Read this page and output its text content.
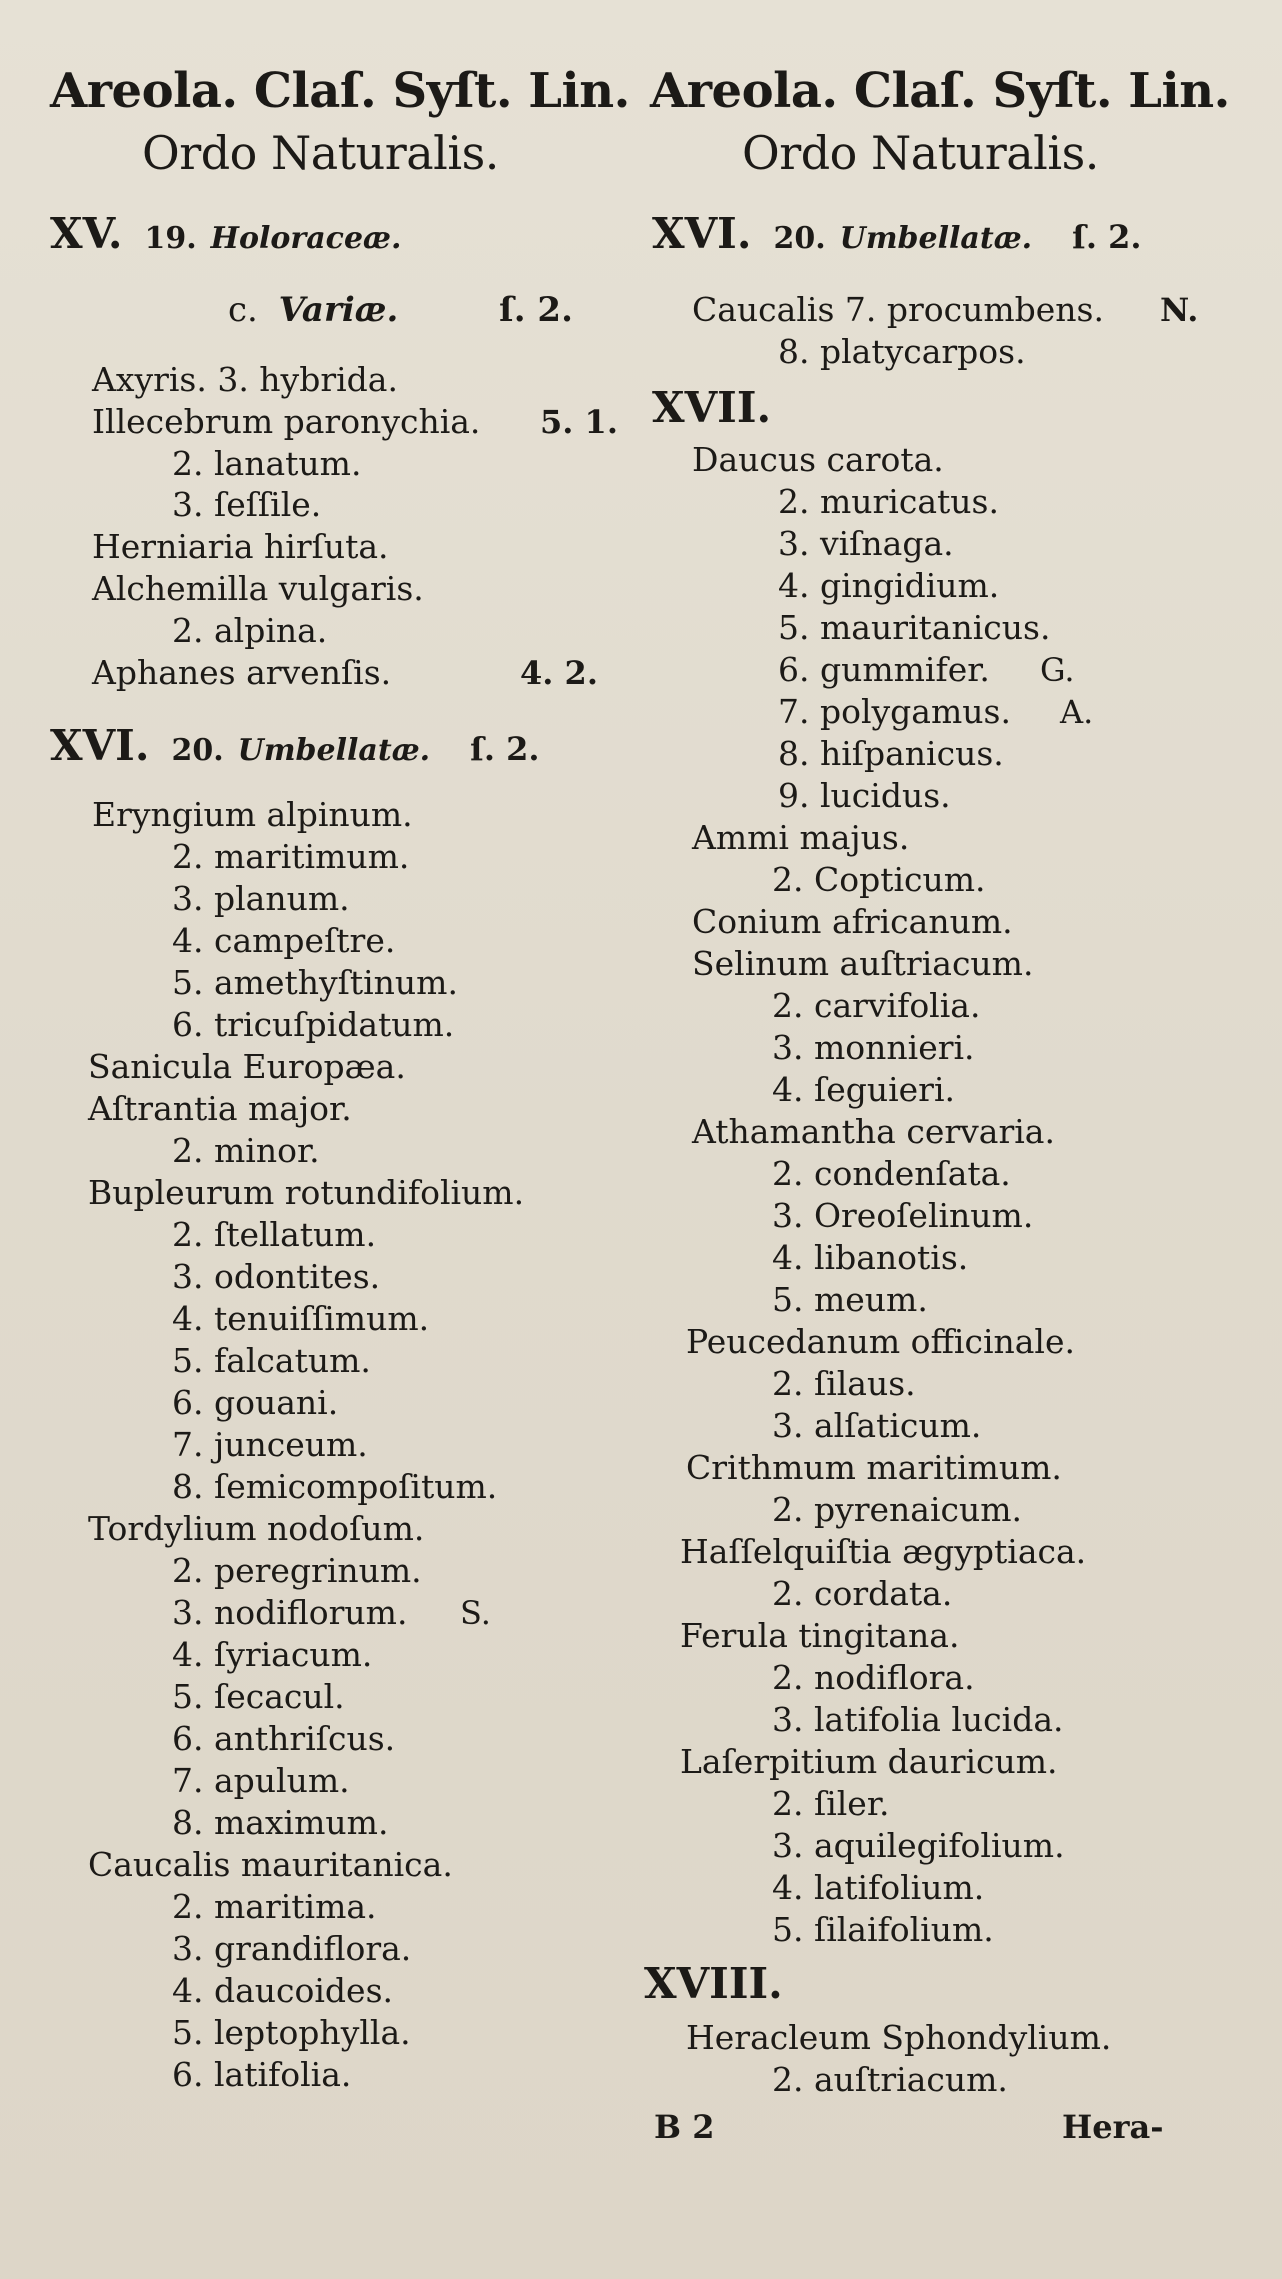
Areola. Claſ. Syſt. Lin.
Ordo Naturalis.
XV. 19. Holoraceæ.
c. Variæ.	ſ. 2.
Axyris. 3. hybrida.
Illecebrum paronychia. 5. 1.
2. lanatum.
3. ſeſſile.
Herniaria hirſuta.
Alchemilla vulgaris.
2. alpina.
Aphanes arvenſis.	4. 2.
XVI. 20. Umbellatæ. ſ. 2.
Eryngium alpinum.
2. maritimum.
3. planum.
4. campeſtre.
5. amethyſtinum.
6. tricuſpidatum.
Sanicula Europæa.
Aſtrantia major.
2. minor.
Bupleurum rotundifolium.
2. ſtellatum.
3. odontites.
4. tenuiſſimum.
5. falcatum.
6. gouani.
7. junceum.
8. ſemicompoſitum.
Tordylium nodoſum.
2. peregrinum.
3. nodiflorum. S.
4. ſyriacum.
5. ſecacul.
6. anthriſcus.
7. apulum.
8. maximum.
Caucalis mauritanica.
2. maritima.
3. grandiflora.
4. daucoides.
5. leptophylla.
6. latifolia.
Areola. Claſ. Syſt. Lin.
Ordo Naturalis.
XVI. 20. Umbellatæ. ſ. 2.
Caucalis 7. procumbens. N.
8. platycarpos.
XVII.
Daucus carota.
2. muricatus.
3. viſnaga.
4. gingidium.
5. mauritanicus.
6. gummifer. G.
7. polygamus. A.
8. hiſpanicus.
9. lucidus.
Ammi majus.
2. Copticum.
Conium africanum.
Selinum auſtriacum.
2. carvifolia.
3. monnieri.
4. ſeguieri.
Athamantha cervaria.
2. condenſata.
3. Oreoſelinum.
4. libanotis.
5. meum.
Peucedanum officinale.
2. ſilaus.
3. alſaticum.
Crithmum maritimum.
2. pyrenaicum.
Haſſelquiſtia ægyptiaca.
2. cordata.
Ferula tingitana.
2. nodiflora.
3. latifolia lucida.
Laſerpitium dauricum.
2. ſiler.
3. aquilegifolium.
4. latifolium.
5. ſilaifolium.
XVIII.
Heracleum Sphondylium.
2. auſtriacum.
B 2	Hera-
